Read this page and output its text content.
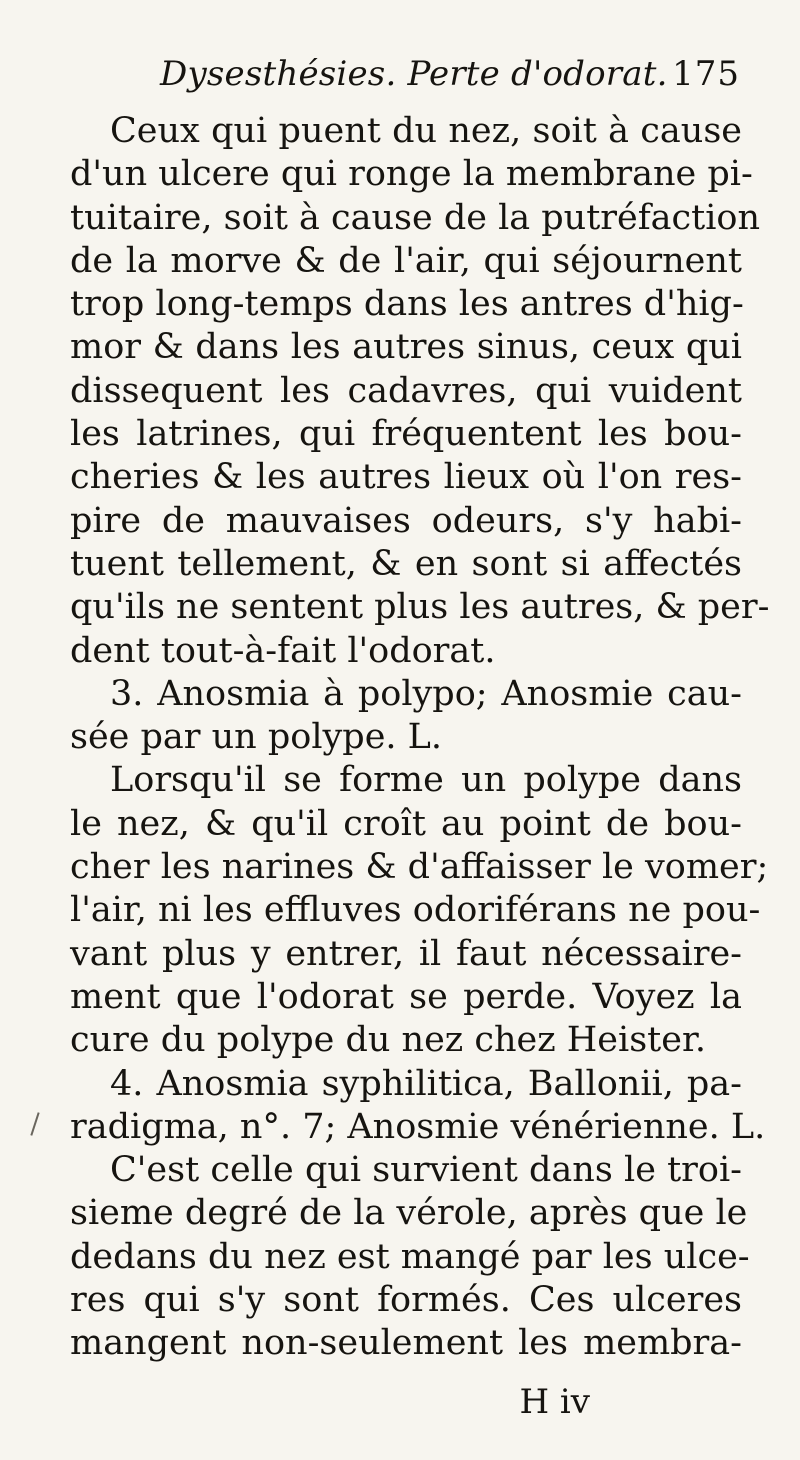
Dysesthésies. Perte d'odorat. 175
Ceux qui puent du nez, soit à cause
d'un ulcere qui ronge la membrane pi-
tuitaire, soit à cause de la putréfaction
de la morve & de l'air, qui séjournent
trop long-temps dans les antres d'hig-
mor & dans les autres sinus, ceux qui
dissequent les cadavres, qui vuident
les latrines, qui fréquentent les bou-
cheries & les autres lieux où l'on res-
pire de mauvaises odeurs, s'y habi-
tuent tellement, & en sont si affectés
qu'ils ne sentent plus les autres, & per-
dent tout-à-fait l'odorat.
3. Anosmia à polypo; Anosmie cau-
sée par un polype. L.
Lorsqu'il se forme un polype dans
le nez, & qu'il croît au point de bou-
cher les narines & d'affaisser le vomer;
l'air, ni les effluves odoriférans ne pou-
vant plus y entrer, il faut nécessaire-
ment que l'odorat se perde. Voyez la
cure du polype du nez chez Heister.
4. Anosmia syphilitica, Ballonii, pa-
radigma, n°. 7; Anosmie vénérienne. L.
C'est celle qui survient dans le troi-
sieme degré de la vérole, après que le
dedans du nez est mangé par les ulce-
res qui s'y sont formés. Ces ulceres
mangent non-seulement les membra-
H iv
